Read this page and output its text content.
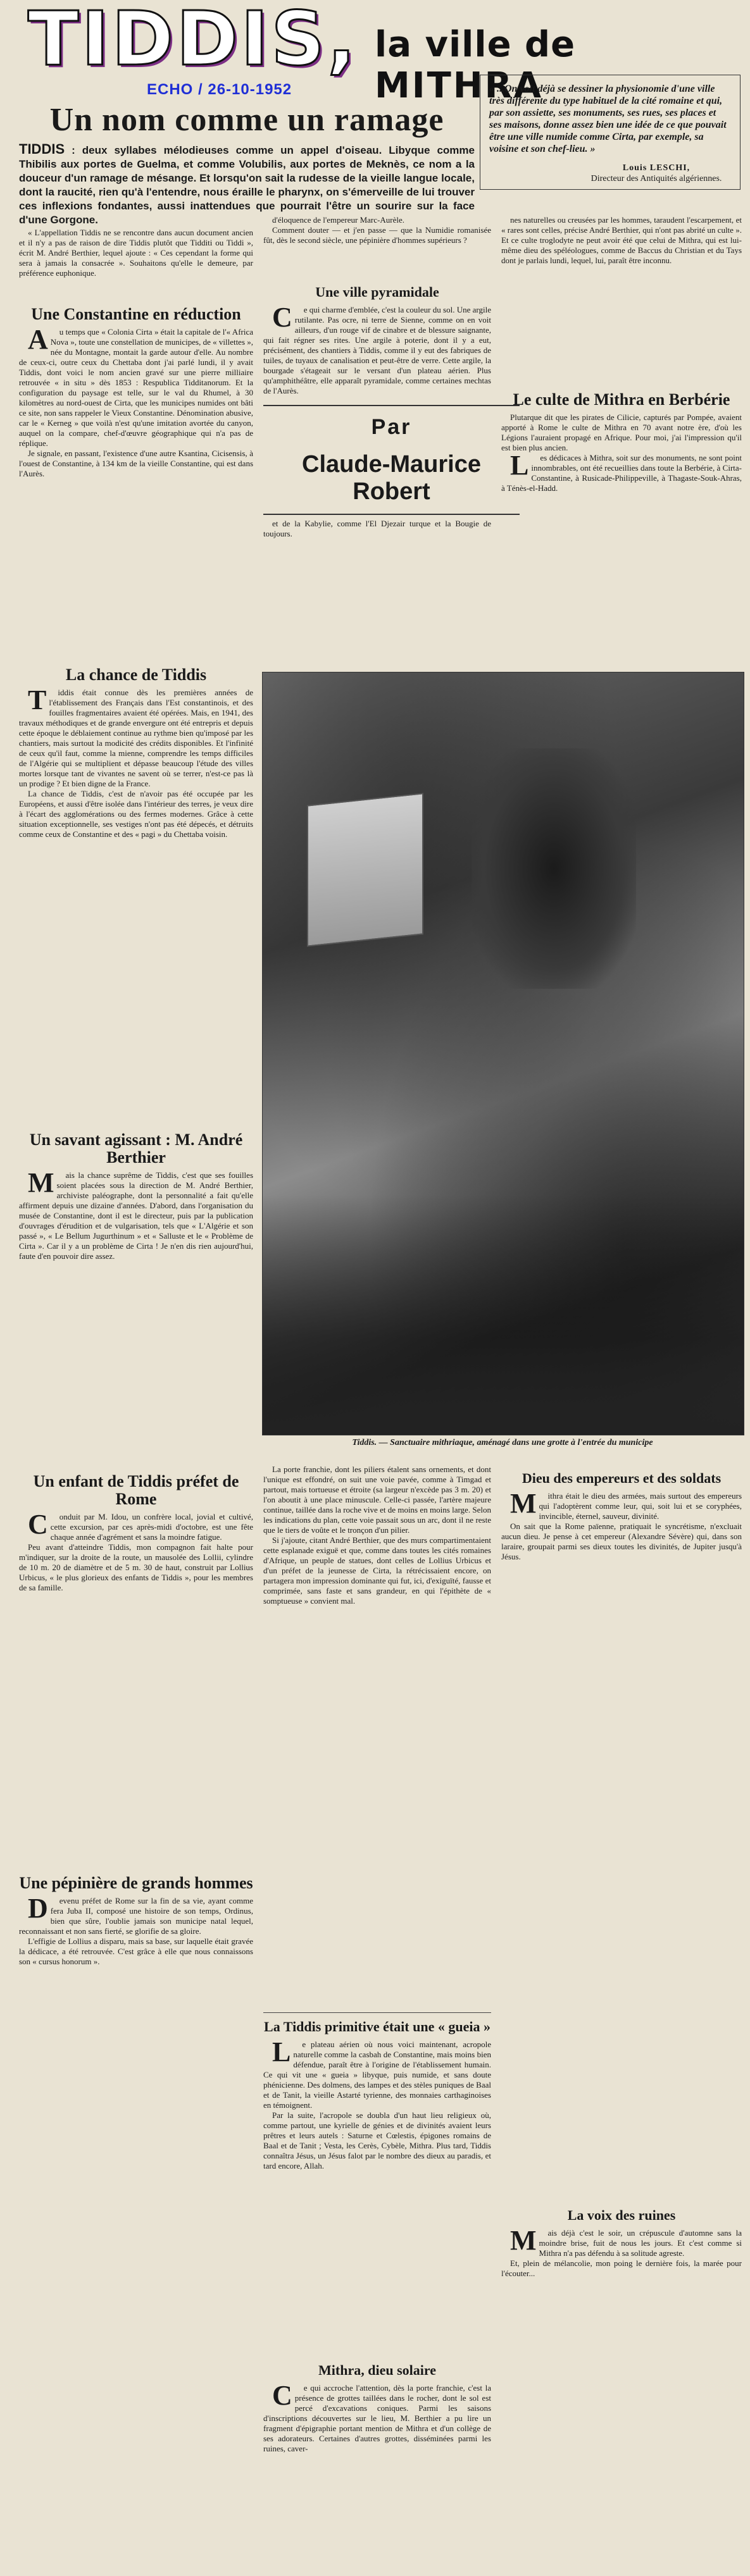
TIDDIS, la ville de MITHRA
ECHO / 26-10-1952
Un nom comme un ramage
TIDDIS : deux syllabes mélodieuses comme un appel d'oiseau. Libyque comme Thibilis aux portes de Guelma, et comme Volubilis, aux portes de Meknès, ce nom a la douceur d'un ramage de mésange. Et lorsqu'on sait la rudesse de la vieille langue locale, dont la raucité, rien qu'à l'entendre, nous éraille le pharynx, on s'émerveille de lui trouver ces inflexions fondantes, aussi inattendues que pourrait l'être un sourire sur la face d'une Gorgone.
« ...On voit déjà se dessiner la physionomie d'une ville très différente du type habituel de la cité romaine et qui, par son assiette, ses monuments, ses rues, ses places et ses maisons, donne assez bien une idée de ce que pouvait être une ville numide comme Cirta, par exemple, sa voisine et son chef-lieu. »
Louis LESCHI,
Directeur des Antiquités algériennes.

« L'appellation Tiddis ne se rencontre dans aucun document ancien et il n'y a pas de raison de dire Tiddis plutôt que Tidditi ou Tiddi », écrit M. André Berthier, lequel ajoute : « Ces cependant la forme qui sera à jamais la consacrée ». Souhaitons qu'elle le demeure, par préférence euphonique.

d'éloquence de l'empereur Marc-Aurèle.

Comment douter — et j'en passe — que la Numidie romanisée fût, dès le second siècle, une pépinière d'hommes supérieurs ?

nes naturelles ou creusées par les hommes, taraudent l'escarpement, et « rares sont celles, précise André Berthier, qui n'ont pas abrité un culte ». Et ce culte troglodyte ne peut avoir été que celui de Mithra, qui est lui-même dieu des spéléologues, comme de Baccus du Christian et du Tays dont je parlais lundi, lequel, lui, paraît être inconnu.

Une Constantine en réduction

Au temps que « Colonia Cirta » était la capitale de l'« Africa Nova », toute une constellation de municipes, de « villettes », née du Montagne, montait la garde autour d'elle. Au nombre de ceux-ci, outre ceux du Chettaba dont j'ai parlé lundi, il y avait Tiddis, dont voici le nom ancien gravé sur une pierre milliaire retrouvée « in situ » dès 1853 : Respublica Tidditanorum. Et la configuration du paysage est telle, sur le val du Rhumel, à 30 kilomètres au nord-ouest de Cirta, que les municipes numides ont bâti ce site, non sans rappeler le Vieux Constantine. Dénomination abusive, car le « Kerneg » que voilà n'est qu'une imitation avortée du canyon, auquel on la compare, chef-d'œuvre géographique qui n'a pas de réplique.

Je signale, en passant, l'existence d'une autre Ksantina, Cicisensis, à l'ouest de Constantine, à 134 km de la vieille Constantine, qui est dans l'Aurès.

La chance de Tiddis

Tiddis était connue dès les premières années de l'établissement des Français dans l'Est constantinois, et des fouilles fragmentaires avaient été opérées. Mais, en 1941, des travaux méthodiques et de grande envergure ont été entrepris et depuis cette époque le déblaiement continue au rythme bien qu'imposé par les chantiers, mais surtout la modicité des crédits disponibles. Et l'infinité de ceux qu'il faut, comme la mienne, comprendre les temps difficiles de l'Algérie qui se multiplient et dépasse beaucoup l'étude des villes mortes lorsque tant de vivantes ne savent où se terrer, n'est-ce pas là un prodige ? Et bien digne de la France.

La chance de Tiddis, c'est de n'avoir pas été occupée par les Européens, et aussi d'être isolée dans l'intérieur des terres, je veux dire à l'écart des agglomérations ou des fermes modernes. Grâce à cette situation exceptionnelle, ses vestiges n'ont pas été dépecés, et détruits comme ceux de Constantine et des « pagi » du Chettaba voisin.

Un savant agissant : M. André Berthier

Mais la chance suprême de Tiddis, c'est que ses fouilles soient placées sous la direction de M. André Berthier, archiviste paléographe, dont la personnalité a fait qu'elle affirment depuis une dizaine d'années. D'abord, dans l'organisation du musée de Constantine, dont il est le directeur, puis par la publication d'ouvrages d'érudition et de vulgarisation, tels que « L'Algérie et son passé », « Le Bellum Jugurthinum » et « Salluste et le « Problème de Cirta ». Car il y a un problème de Cirta ! Je n'en dis rien aujourd'hui, faute d'en pouvoir dire assez.

Un enfant de Tiddis préfet de Rome

Conduit par M. Idou, un confrère local, jovial et cultivé, cette excursion, par ces après-midi d'octobre, est une fête chaque année d'agrément et sans la moindre fatigue.

Peu avant d'atteindre Tiddis, mon compagnon fait halte pour m'indiquer, sur la droite de la route, un mausolée des Lollii, cylindre de 10 m. 20 de diamètre et de 5 m. 30 de haut, construit par Lollius Urbicus, « le plus glorieux des enfants de Tiddis », pour les membres de sa famille.

Une pépinière de grands hommes

Devenu préfet de Rome sur la fin de sa vie, ayant comme fera Juba II, composé une histoire de son temps, Ordinus, bien que sûre, l'oublie jamais son municipe natal lequel, reconnaissant et non sans fierté, se glorifie de sa gloire.

L'effigie de Lollius a disparu, mais sa base, sur laquelle était gravée la dédicace, a été retrouvée. C'est grâce à elle que nous connaissons son « cursus honorum ».

Une ville pyramidale

Ce qui charme d'emblée, c'est la couleur du sol. Une argile rutilante. Pas ocre, ni terre de Sienne, comme on en voit ailleurs, d'un rouge vif de cinabre et de blessure saignante, qui fait régner ses rites. Une argile à poterie, dont il y a eut, précisément, des chantiers à Tiddis, comme il y eut des fabriques de tuiles, de tuyaux de canalisation et peut-être de verre. Cette argile, la bourgade s'étageait sur le versant d'un plateau aérien. Plus qu'amphithéâtre, elle apparaît pyramidale, comme certaines mechtas de l'Aurès.

Par
Claude-Maurice Robert

et de la Kabylie, comme l'El Djezair turque et la Bougie de toujours.

Le culte de Mithra en Berbérie

Plutarque dit que les pirates de Cilicie, capturés par Pompée, avaient apporté à Rome le culte de Mithra en 70 avant notre ère, d'où les Légions l'auraient propagé en Afrique. Pour moi, j'ai l'impression qu'il est bien plus ancien.

Les dédicaces à Mithra, soit sur des monuments, ne sont point innombrables, ont été recueillies dans toute la Berbérie, à Cirta-Constantine, à Rusicade-Philippeville, à Thagaste-Souk-Ahras, à Ténès-el-Hadd.

Tiddis. — Sanctuaire mithriaque, aménagé dans une grotte à l'entrée du municipe

La porte franchie, dont les piliers étalent sans ornements, et dont l'unique est effondré, on suit une voie pavée, comme à Timgad et partout, mais tortueuse et étroite (sa largeur n'excède pas 3 m. 20) et l'on aboutit à une place minuscule. Celle-ci passée, l'artère majeure continue, taillée dans la roche vive et de moins en moins large. Selon les indications du plan, cette voie passait sous un arc, dont il ne reste que le tiers de voûte et le tronçon d'un pilier.

Si j'ajoute, citant André Berthier, que des murs compartimentaient cette esplanade exiguë et que, comme dans toutes les cités romaines d'Afrique, un peuple de statues, dont celles de Lollius Urbicus et d'un préfet de la jeunesse de Cirta, la rétrécissaient encore, on partagera mon impression dominante qui fut, ici, d'exiguïté, fausse et comprimée, sans faste et sans grandeur, en qui l'épithète de « somptueuse » convient mal.

La Tiddis primitive était une « gueia »

Le plateau aérien où nous voici maintenant, acropole naturelle comme la casbah de Constantine, mais moins bien défendue, paraît être à l'origine de l'établissement humain. Ce qui vit une « gueia » libyque, puis numide, et sans doute phénicienne. Des dolmens, des lampes et des stèles puniques de Baal et de Tanit, la vieille Astarté tyrienne, des monnaies carthaginoises en témoignent.

Par la suite, l'acropole se doubla d'un haut lieu religieux où, comme partout, une kyrielle de génies et de divinités avaient leurs prêtres et leurs autels : Saturne et Cœlestis, épigones romains de Baal et de Tanit ; Vesta, les Cerès, Cybèle, Mithra. Plus tard, Tiddis connaîtra Jésus, un Jésus falot par le nombre des dieux au paradis, et tard encore, Allah.

Mithra, dieu solaire

Ce qui accroche l'attention, dès la porte franchie, c'est la présence de grottes taillées dans le rocher, dont le sol est percé d'excavations coniques. Parmi les saisons d'inscriptions découvertes sur le lieu, M. Berthier a pu lire un fragment d'épigraphie portant mention de Mithra et d'un collège de ses adorateurs. Certaines d'autres grottes, disséminées parmi les ruines, caver-

Dieu des empereurs et des soldats

Mithra était le dieu des armées, mais surtout des empereurs qui l'adoptèrent comme leur, qui, soit lui et se coryphées, invincible, éternel, sauveur, divinité.

On sait que la Rome païenne, pratiquait le syncrétisme, n'excluait aucun dieu. Je pense à cet empereur (Alexandre Sévère) qui, dans son laraire, groupait parmi ses dieux toutes les divinités, de Jupiter jusqu'à Jésus.

La voix des ruines

Mais déjà c'est le soir, un crépuscule d'automne sans la moindre brise, fuit de nous les jours. Et c'est comme si Mithra n'a pas défendu à sa solitude agreste.

Et, plein de mélancolie, mon poing le dernière fois, la marée pour l'écouter...
